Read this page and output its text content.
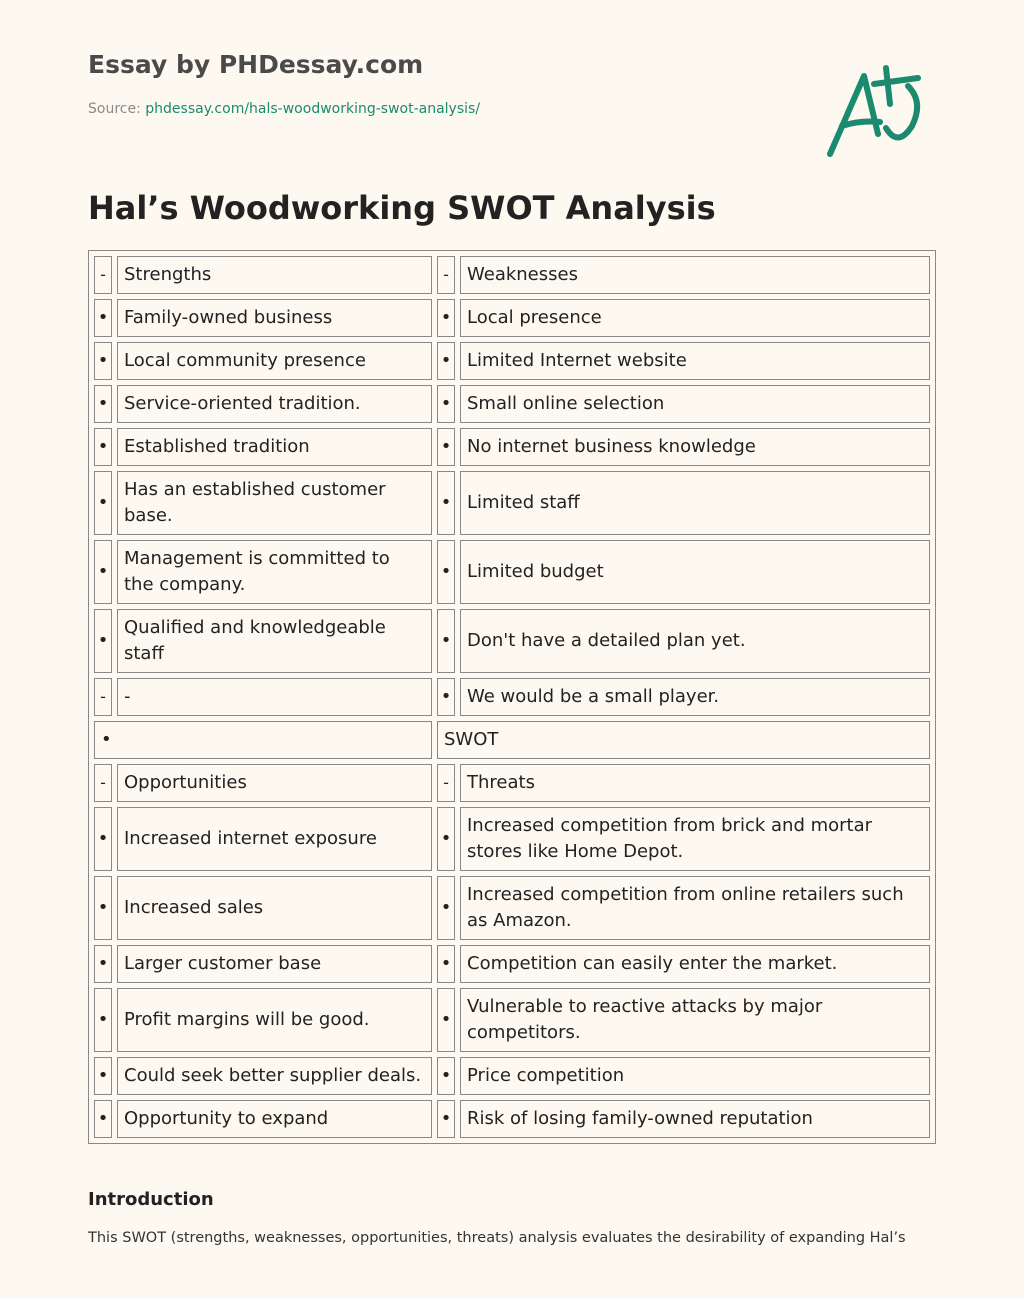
Essay by PHDessay.com
Source: phdessay.com/hals-woodworking-swot-analysis/
Hal’s Woodworking SWOT Analysis
-	Strengths	-	Weaknesses
•	Family-owned business	•	Local presence
•	Local community presence	•	Limited Internet website
•	Service-oriented tradition.	•	Small online selection
•	Established tradition	•	No internet business knowledge
•	Has an established customer base.	•	Limited staff
•	Management is committed to the company.	•	Limited budget
•	Qualified and knowledgeable staff	•	Don't have a detailed plan yet.
-	-	•	We would be a small player.
•		SWOT	
-	Opportunities	-	Threats
•	Increased internet exposure	•	Increased competition from brick and mortar stores like Home Depot.
•	Increased sales	•	Increased competition from online retailers such as Amazon.
•	Larger customer base	•	Competition can easily enter the market.
•	Profit margins will be good.	•	Vulnerable to reactive attacks by major competitors.
•	Could seek better supplier deals.	•	Price competition
•	Opportunity to expand	•	Risk of losing family-owned reputation
Introduction

This SWOT (strengths, weaknesses, opportunities, threats) analysis evaluates the desirability of expanding Hal’s
